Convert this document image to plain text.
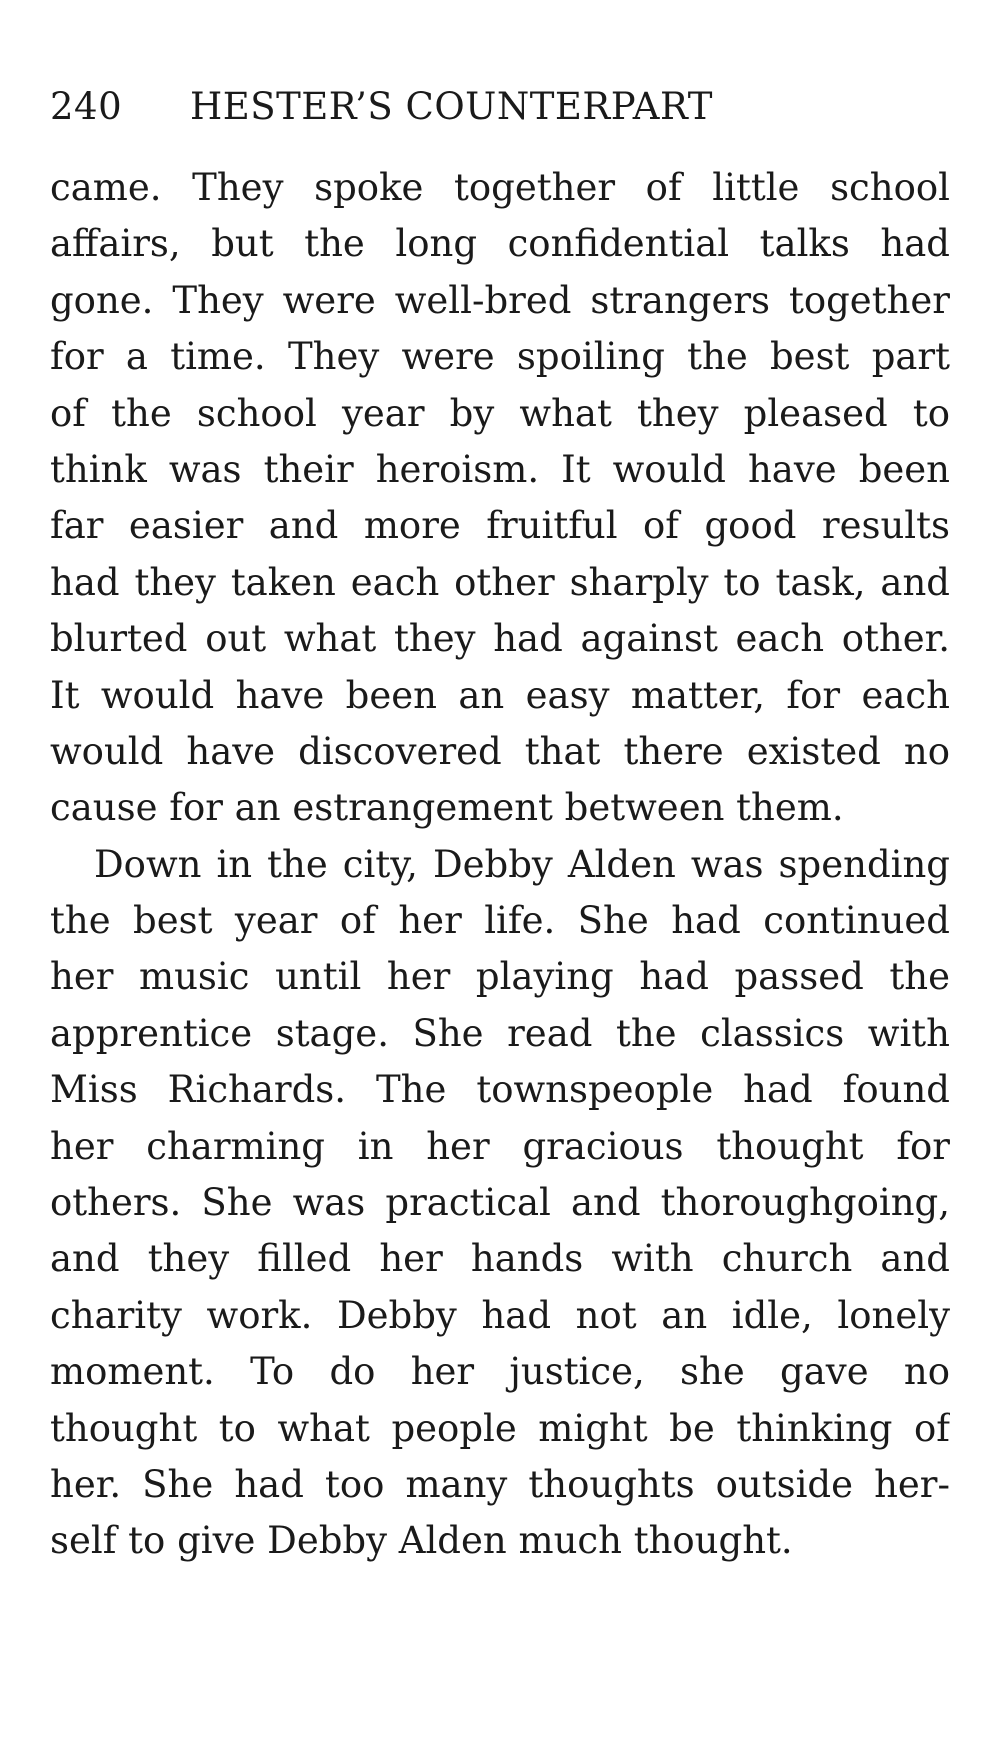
240 HESTER’S COUNTERPART
came. They spoke together of little school
affairs, but the long confidential talks had
gone. They were well-bred strangers together
for a time. They were spoiling the best part
of the school year by what they pleased to
think was their heroism. It would have been
far easier and more fruitful of good results
had they taken each other sharply to task, and
blurted out what they had against each other.
It would have been an easy matter, for each
would have discovered that there existed no
cause for an estrangement between them.
Down in the city, Debby Alden was spending
the best year of her life. She had continued
her music until her playing had passed the
apprentice stage. She read the classics with
Miss Richards. The townspeople had found
her charming in her gracious thought for
others. She was practical and thoroughgoing,
and they filled her hands with church and
charity work. Debby had not an idle, lonely
moment. To do her justice, she gave no
thought to what people might be thinking of
her. She had too many thoughts outside her-
self to give Debby Alden much thought.
